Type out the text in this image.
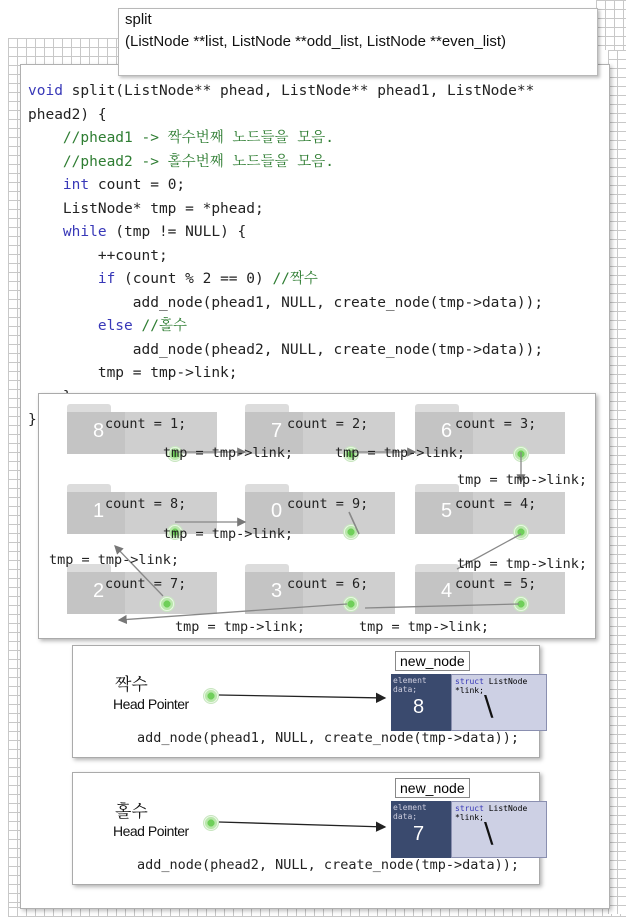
split
(ListNode **list, ListNode **odd_list, ListNode **even_list)
void split(ListNode** phead, ListNode** phead1, ListNode**
phead2) {
//phead1 -> 짝수번째 노드들을 모음.
//phead2 -> 홀수번째 노드들을 모음.
int count = 0;
ListNode* tmp = *phead;
while (tmp != NULL) {
++count;
if (count % 2 == 0) //짝수
add_node(phead1, NULL, create_node(tmp->data));
else //홀수
add_node(phead2, NULL, create_node(tmp->data));
tmp = tmp->link;

}	8 count = 1;	7 count = 2;	6 count = 3;
1 count = 8;	0 count = 9;	5 count = 4;
2 count = 7;	3 count = 6;	4 count = 5;
tmp = tmp->link;	tmp = tmp->link;
tmp = tmp->link;
tmp = tmp->link;
tmp = tmp->link;	tmp = tmp->link;
tmp = tmp->link;	tmp = tmp->link;
짝수
Head Pointer
new_node
element data;
8
struct ListNode *link; \
add_node(phead1, NULL, create_node(tmp->data));
홀수
Head Pointer
new_node
element data;
7
struct ListNode *link; \
add_node(phead2, NULL, create_node(tmp->data));
